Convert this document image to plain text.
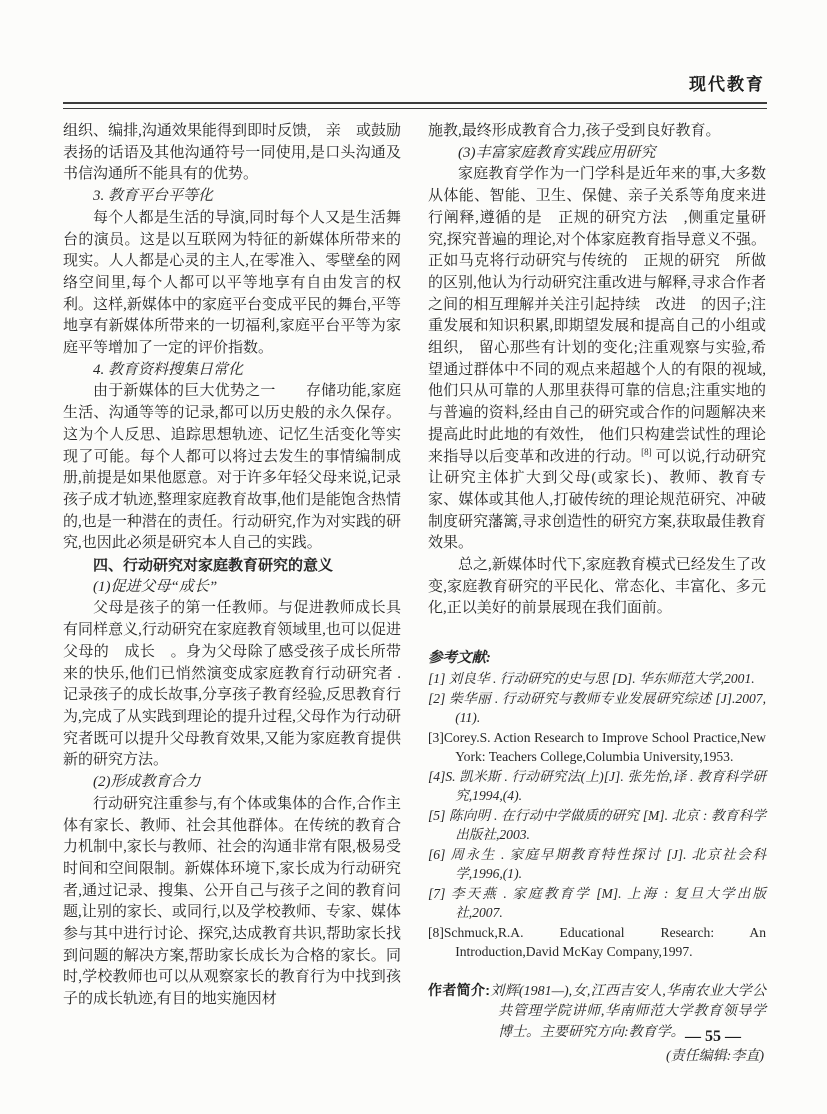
现代教育

组织、编排,沟通效果能得到即时反馈,　亲　或鼓励表扬的话语及其他沟通符号一同使用,是口头沟通及书信沟通所不能具有的优势。

3. 教育平台平等化

每个人都是生活的导演,同时每个人又是生活舞台的演员。这是以互联网为特征的新媒体所带来的现实。人人都是心灵的主人,在零准入、零壁垒的网络空间里,每个人都可以平等地享有自由发言的权利。这样,新媒体中的家庭平台变成平民的舞台,平等地享有新媒体所带来的一切福利,家庭平台平等为家庭平等增加了一定的评价指数。

4. 教育资料搜集日常化

由于新媒体的巨大优势之一　　存储功能,家庭生活、沟通等等的记录,都可以历史般的永久保存。这为个人反思、追踪思想轨迹、记忆生活变化等实现了可能。每个人都可以将过去发生的事情编制成册,前提是如果他愿意。对于许多年轻父母来说,记录孩子成才轨迹,整理家庭教育故事,他们是能饱含热情的,也是一种潜在的责任。行动研究,作为对实践的研究,也因此必须是研究本人自己的实践。

四、行动研究对家庭教育研究的意义

(1)促进父母“成长”

父母是孩子的第一任教师。与促进教师成长具有同样意义,行动研究在家庭教育领域里,也可以促进父母的　成长　。身为父母除了感受孩子成长所带来的快乐,他们已悄然演变成家庭教育行动研究者 . 记录孩子的成长故事,分享孩子教育经验,反思教育行为,完成了从实践到理论的提升过程,父母作为行动研究者既可以提升父母教育效果,又能为家庭教育提供新的研究方法。

(2)形成教育合力

行动研究注重参与,有个体或集体的合作,合作主体有家长、教师、社会其他群体。在传统的教育合力机制中,家长与教师、社会的沟通非常有限,极易受时间和空间限制。新媒体环境下,家长成为行动研究者,通过记录、搜集、公开自己与孩子之间的教育问题,让别的家长、或同行,以及学校教师、专家、媒体参与其中进行讨论、探究,达成教育共识,帮助家长找到问题的解决方案,帮助家长成长为合格的家长。同时,学校教师也可以从观察家长的教育行为中找到孩子的成长轨迹,有目的地实施因材

施教,最终形成教育合力,孩子受到良好教育。

(3)丰富家庭教育实践应用研究

家庭教育学作为一门学科是近年来的事,大多数从体能、智能、卫生、保健、亲子关系等角度来进行阐释,遵循的是　正规的研究方法　,侧重定量研究,探究普遍的理论,对个体家庭教育指导意义不强。正如马克将行动研究与传统的　正规的研究　所做的区别,他认为行动研究注重改进与解释,寻求合作者之间的相互理解并关注引起持续　改进　的因子;注重发展和知识积累,即期望发展和提高自己的小组或组织,　留心那些有计划的变化;注重观察与实验,希望通过群体中不同的观点来超越个人的有限的视域,　他们只从可靠的人那里获得可靠的信息;注重实地的与普遍的资料,经由自己的研究或合作的问题解决来提高此时此地的有效性,　他们只构建尝试性的理论来指导以后变革和改进的行动。[8] 可以说,行动研究让研究主体扩大到父母(或家长)、教师、教育专家、媒体或其他人,打破传统的理论规范研究、冲破制度研究藩篱,寻求创造性的研究方案,获取最佳教育效果。

总之,新媒体时代下,家庭教育模式已经发生了改变,家庭教育研究的平民化、常态化、丰富化、多元化,正以美好的前景展现在我们面前。

参考文献:

[1] 刘良华 . 行动研究的史与思 [D]. 华东师范大学,2001.

[2] 柴华丽 . 行动研究与教师专业发展研究综述 [J].2007,(11).

[3]Corey.S. Action Research to Improve School Practice,New York: Teachers College,Columbia University,1953.

[4]S. 凯米斯 . 行动研究法(上)[J]. 张先怡,译 . 教育科学研究,1994,(4).

[5] 陈向明 . 在行动中学做质的研究 [M]. 北京 : 教育科学出版社,2003.

[6] 周永生 . 家庭早期教育特性探讨 [J]. 北京社会科学,1996,(1).

[7] 李天燕 . 家庭教育学 [M]. 上海 : 复旦大学出版社,2007.

[8]Schmuck,R.A. Educational Research: An Introduction,David McKay Company,1997.

作者简介:刘辉(1981—),女,江西吉安人,华南农业大学公共管理学院讲师,华南师范大学教育领导学博士。主要研究方向:教育学。

(责任编辑:李直)

— 55 —
